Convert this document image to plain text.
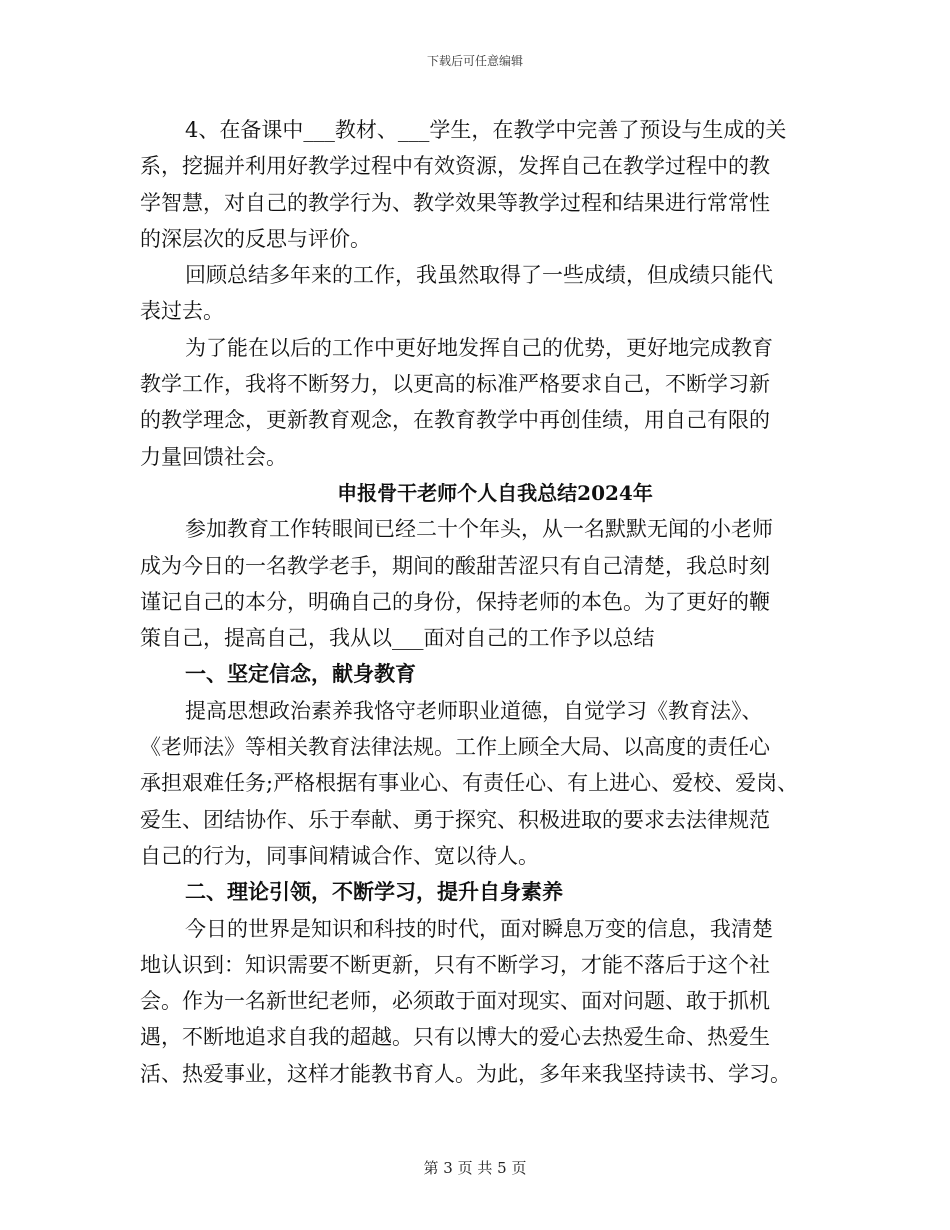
下载后可任意编辑
4、在备课中___教材、___学生，在教学中完善了预设与生成的关
系，挖掘并利用好教学过程中有效资源，发挥自己在教学过程中的教
学智慧，对自己的教学行为、教学效果等教学过程和结果进行常常性
的深层次的反思与评价。
回顾总结多年来的工作，我虽然取得了一些成绩，但成绩只能代
表过去。
为了能在以后的工作中更好地发挥自己的优势，更好地完成教育
教学工作，我将不断努力，以更高的标准严格要求自己，不断学习新
的教学理念，更新教育观念，在教育教学中再创佳绩，用自己有限的
力量回馈社会。
申报骨干老师个人自我总结2024年
参加教育工作转眼间已经二十个年头，从一名默默无闻的小老师
成为今日的一名教学老手，期间的酸甜苦涩只有自己清楚，我总时刻
谨记自己的本分，明确自己的身份，保持老师的本色。为了更好的鞭
策自己，提高自己，我从以___面对自己的工作予以总结
一、坚定信念，献身教育
提高思想政治素养我恪守老师职业道德，自觉学习《教育法》、
《老师法》等相关教育法律法规。工作上顾全大局、以高度的责任心
承担艰难任务;严格根据有事业心、有责任心、有上进心、爱校、爱岗、
爱生、团结协作、乐于奉献、勇于探究、积极进取的要求去法律规范
自己的行为，同事间精诚合作、宽以待人。
二、理论引领，不断学习，提升自身素养
今日的世界是知识和科技的时代，面对瞬息万变的信息，我清楚
地认识到：知识需要不断更新，只有不断学习，才能不落后于这个社
会。作为一名新世纪老师，必须敢于面对现实、面对问题、敢于抓机
遇，不断地追求自我的超越。只有以博大的爱心去热爱生命、热爱生
活、热爱事业，这样才能教书育人。为此，多年来我坚持读书、学习。
第 3 页 共 5 页
